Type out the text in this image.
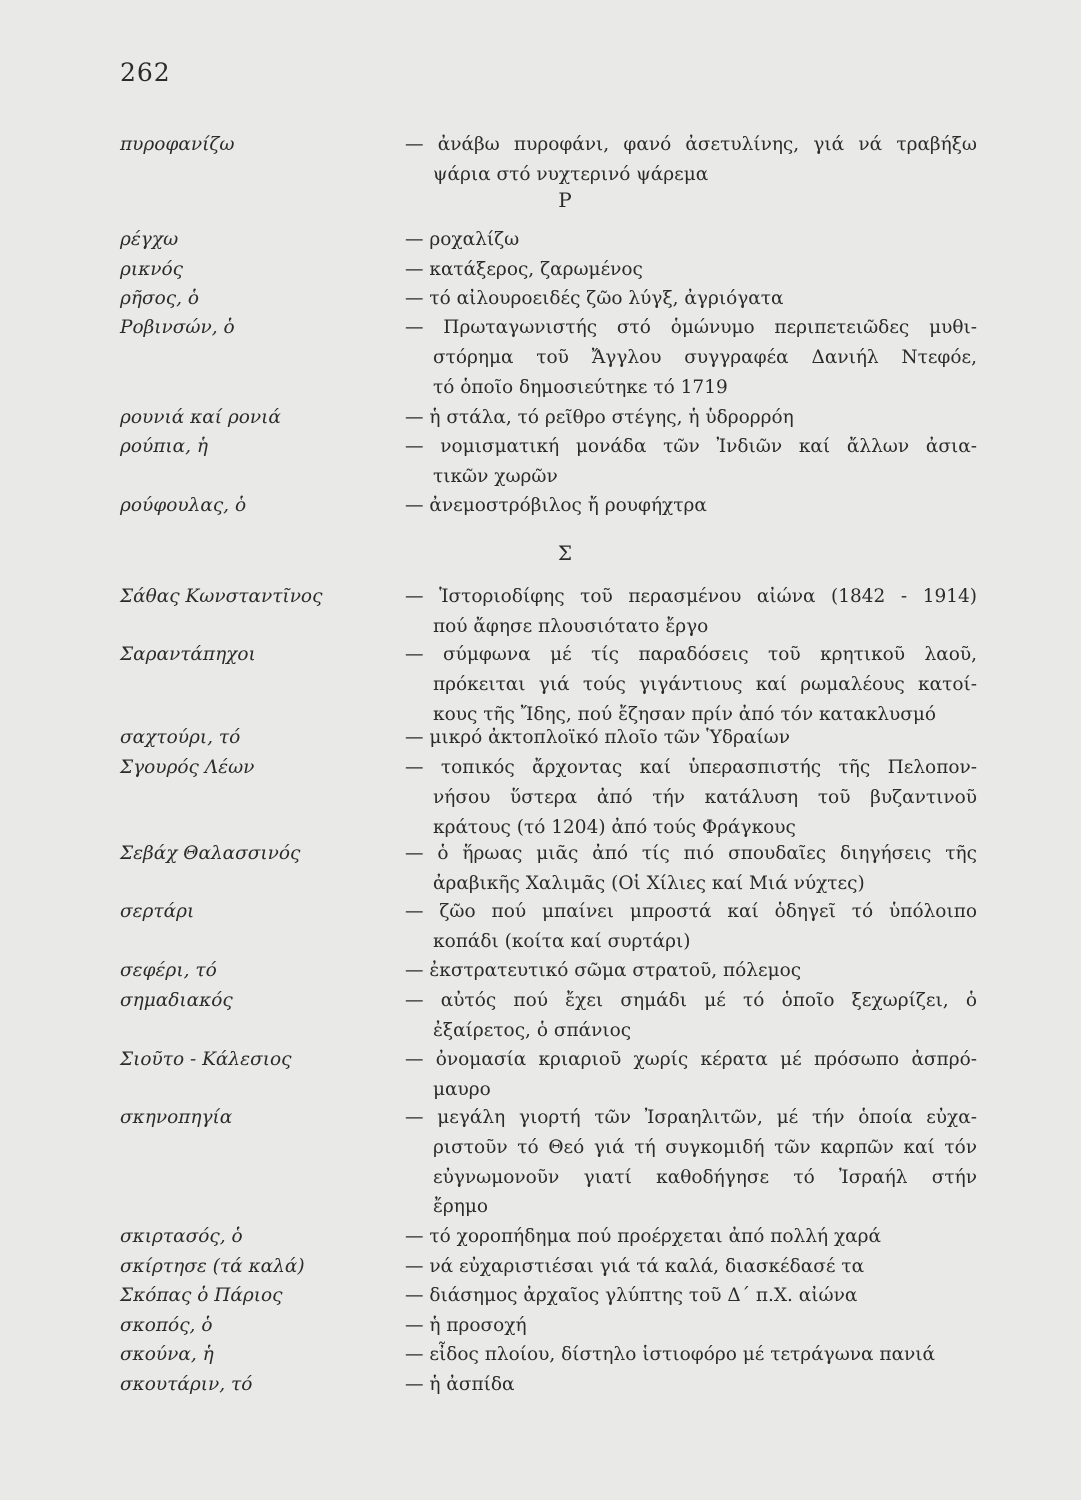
262
Ρ
Σ
πυροφανίζω	— ἀνάβω πυροφάνι, φανό ἀσετυλίνης, γιά νά τραβήξω
ψάρια στό νυχτερινό ψάρεμα
ρέγχω	— ροχαλίζω
ρικνός	— κατάξερος, ζαρωμένος
ρῆσος, ὁ	— τό αἰλουροειδές ζῶο λύγξ, ἀγριόγατα
Ροβινσών, ὁ	— Πρωταγωνιστής στό ὁμώνυμο περιπετειῶδες μυθι-
στόρημα τοῦ Ἄγγλου συγγραφέα Δανιήλ Ντεφόε,
τό ὁποῖο δημοσιεύτηκε τό 1719
ρουνιά καί ρονιά	— ἡ στάλα, τό ρεῖθρο στέγης, ἡ ὑδρορρόη
ρούπια, ἡ	— νομισματική μονάδα τῶν Ἰνδιῶν καί ἄλλων ἀσια-
τικῶν χωρῶν
ρούφουλας, ὁ	— ἀνεμοστρόβιλος ἤ ρουφήχτρα
Σάθας Κωνσταντῖνος	— Ἱστοριοδίφης τοῦ περασμένου αἰώνα (1842 - 1914)
πού ἄφησε πλουσιότατο ἔργο
Σαραντάπηχοι	— σύμφωνα μέ τίς παραδόσεις τοῦ κρητικοῦ λαοῦ,
πρόκειται γιά τούς γιγάντιους καί ρωμαλέους κατοί-
κους τῆς Ἴδης, πού ἔζησαν πρίν ἀπό τόν κατακλυσμό
σαχτούρι, τό	— μικρό ἀκτοπλοϊκό πλοῖο τῶν Ὑδραίων
Σγουρός Λέων	— τοπικός ἄρχοντας καί ὑπερασπιστής τῆς Πελοπον-
νήσου ὕστερα ἀπό τήν κατάλυση τοῦ βυζαντινοῦ
κράτους (τό 1204) ἀπό τούς Φράγκους
Σεβάχ Θαλασσινός	— ὁ ἥρωας μιᾶς ἀπό τίς πιό σπουδαῖες διηγήσεις τῆς
ἀραβικῆς Χαλιμᾶς (Οἱ Χίλιες καί Μιά νύχτες)
σερτάρι	— ζῶο πού μπαίνει μπροστά καί ὁδηγεῖ τό ὑπόλοιπο
κοπάδι (κοίτα καί συρτάρι)
σεφέρι, τό	— ἐκστρατευτικό σῶμα στρατοῦ, πόλεμος
σημαδιακός	— αὐτός πού ἔχει σημάδι μέ τό ὁποῖο ξεχωρίζει, ὁ
ἐξαίρετος, ὁ σπάνιος
Σιοῦτο - Κάλεσιος	— ὀνομασία κριαριοῦ χωρίς κέρατα μέ πρόσωπο ἀσπρό-
μαυρο
σκηνοπηγία	— μεγάλη γιορτή τῶν Ἰσραηλιτῶν, μέ τήν ὁποία εὐχα-
ριστοῦν τό Θεό γιά τή συγκομιδή τῶν καρπῶν καί τόν
εὐγνωμονοῦν γιατί καθοδήγησε τό Ἰσραήλ στήν
ἔρημο
σκιρτασός, ὁ	— τό χοροπήδημα πού προέρχεται ἀπό πολλή χαρά
σκίρτησε (τά καλά)	— νά εὐχαριστιέσαι γιά τά καλά, διασκέδασέ τα
Σκόπας ὁ Πάριος	— διάσημος ἀρχαῖος γλύπτης τοῦ Δ΄ π.Χ. αἰώνα
σκοπός, ὁ	— ἡ προσοχή
σκούνα, ἡ	— εἶδος πλοίου, δίστηλο ἱστιοφόρο μέ τετράγωνα πανιά
σκουτάριν, τό	— ἡ ἀσπίδα
